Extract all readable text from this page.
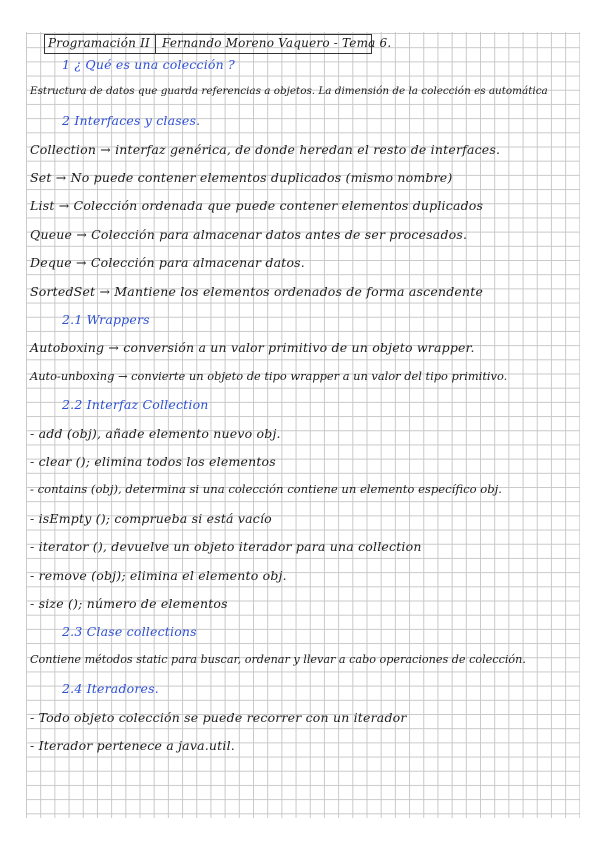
Programación II Fernando Moreno Vaquero - Tema 6.
1 ¿ Qué es una colección ?
Estructura de datos que guarda referencias a objetos. La dimensión de la colección es automática
2 Interfaces y clases.
Collection → interfaz genérica, de donde heredan el resto de interfaces.
Set → No puede contener elementos duplicados (mismo nombre)
List → Colección ordenada que puede contener elementos duplicados
Queue → Colección para almacenar datos antes de ser procesados.
Deque → Colección para almacenar datos.
SortedSet → Mantiene los elementos ordenados de forma ascendente
2.1 Wrappers
Autoboxing → conversión a un valor primitivo de un objeto wrapper.
Auto-unboxing → convierte un objeto de tipo wrapper a un valor del tipo primitivo.
2.2 Interfaz Collection
- add (obj), añade elemento nuevo obj.
- clear (); elimina todos los elementos
- contains (obj), determina si una colección contiene un elemento específico obj.
- isEmpty (); comprueba si está vacío
- iterator (), devuelve un objeto iterador para una collection
- remove (obj); elimina el elemento obj.
- size (); número de elementos
2.3 Clase collections
Contiene métodos static para buscar, ordenar y llevar a cabo operaciones de colección.
2.4 Iteradores.
- Todo objeto colección se puede recorrer con un iterador
- Iterador pertenece a java.util.
